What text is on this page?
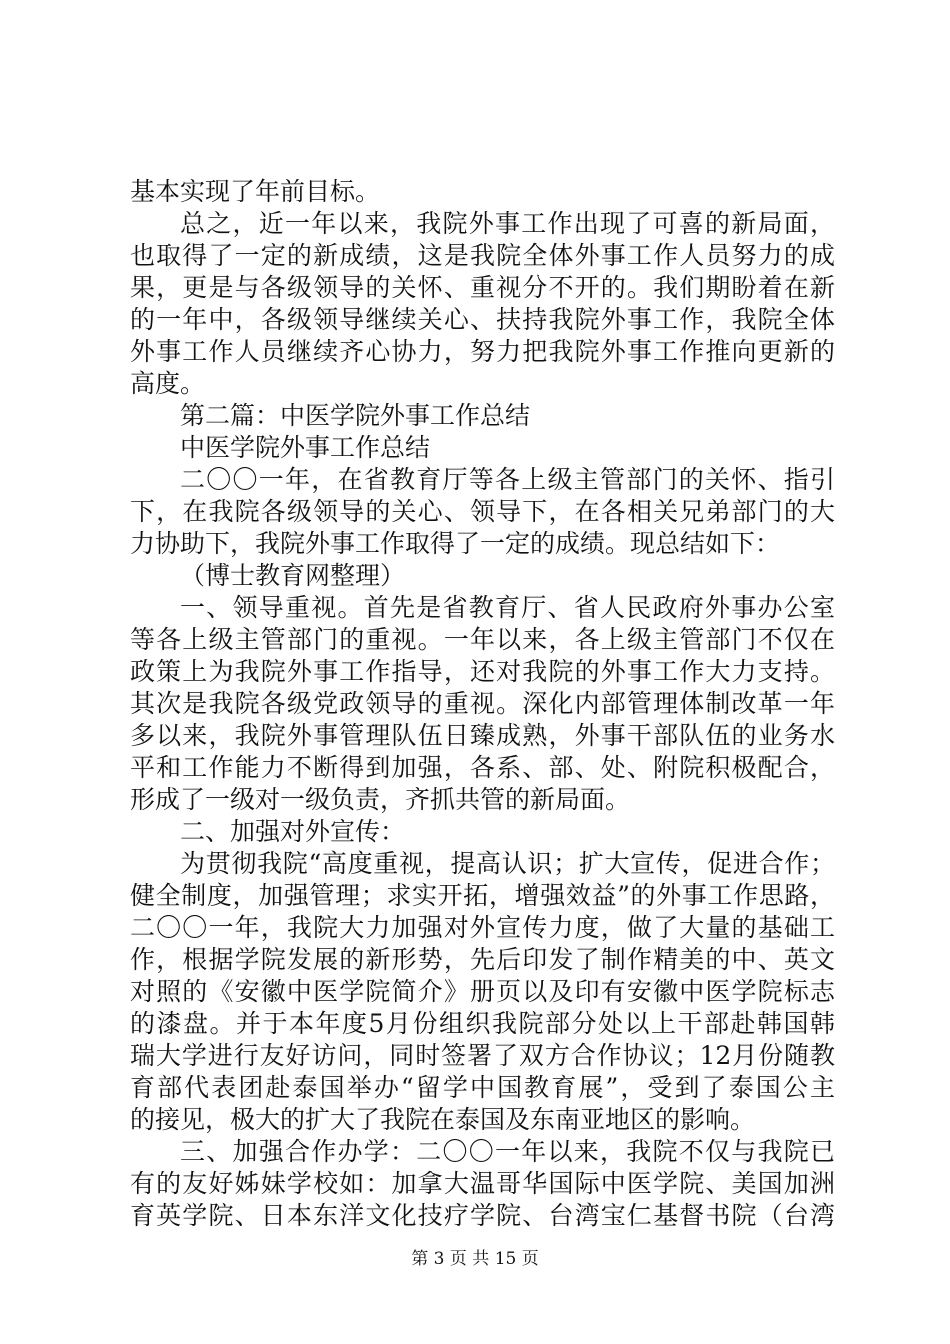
基本实现了年前目标。
总之，近一年以来，我院外事工作出现了可喜的新局面，
也取得了一定的新成绩，这是我院全体外事工作人员努力的成
果，更是与各级领导的关怀、重视分不开的。我们期盼着在新
的一年中，各级领导继续关心、扶持我院外事工作，我院全体
外事工作人员继续齐心协力，努力把我院外事工作推向更新的
高度。
第二篇：中医学院外事工作总结
中医学院外事工作总结
二〇〇一年，在省教育厅等各上级主管部门的关怀、指引
下，在我院各级领导的关心、领导下，在各相关兄弟部门的大
力协助下，我院外事工作取得了一定的成绩。现总结如下：
（博士教育网整理）
一、领导重视。首先是省教育厅、省人民政府外事办公室
等各上级主管部门的重视。一年以来，各上级主管部门不仅在
政策上为我院外事工作指导，还对我院的外事工作大力支持。
其次是我院各级党政领导的重视。深化内部管理体制改革一年
多以来，我院外事管理队伍日臻成熟，外事干部队伍的业务水
平和工作能力不断得到加强，各系、部、处、附院积极配合，
形成了一级对一级负责，齐抓共管的新局面。
二、加强对外宣传：
为贯彻我院“高度重视，提高认识；扩大宣传，促进合作；
健全制度，加强管理；求实开拓，增强效益”的外事工作思路，
二〇〇一年，我院大力加强对外宣传力度，做了大量的基础工
作，根据学院发展的新形势，先后印发了制作精美的中、英文
对照的《安徽中医学院简介》册页以及印有安徽中医学院标志
的漆盘。并于本年度5月份组织我院部分处以上干部赴韩国韩
瑞大学进行友好访问，同时签署了双方合作协议；12月份随教
育部代表团赴泰国举办“留学中国教育展”，受到了泰国公主
的接见，极大的扩大了我院在泰国及东南亚地区的影响。
三、加强合作办学：二〇〇一年以来，我院不仅与我院已
有的友好姊妹学校如：加拿大温哥华国际中医学院、美国加洲
育英学院、日本东洋文化技疗学院、台湾宝仁基督书院（台湾
第 3 页 共 15 页
